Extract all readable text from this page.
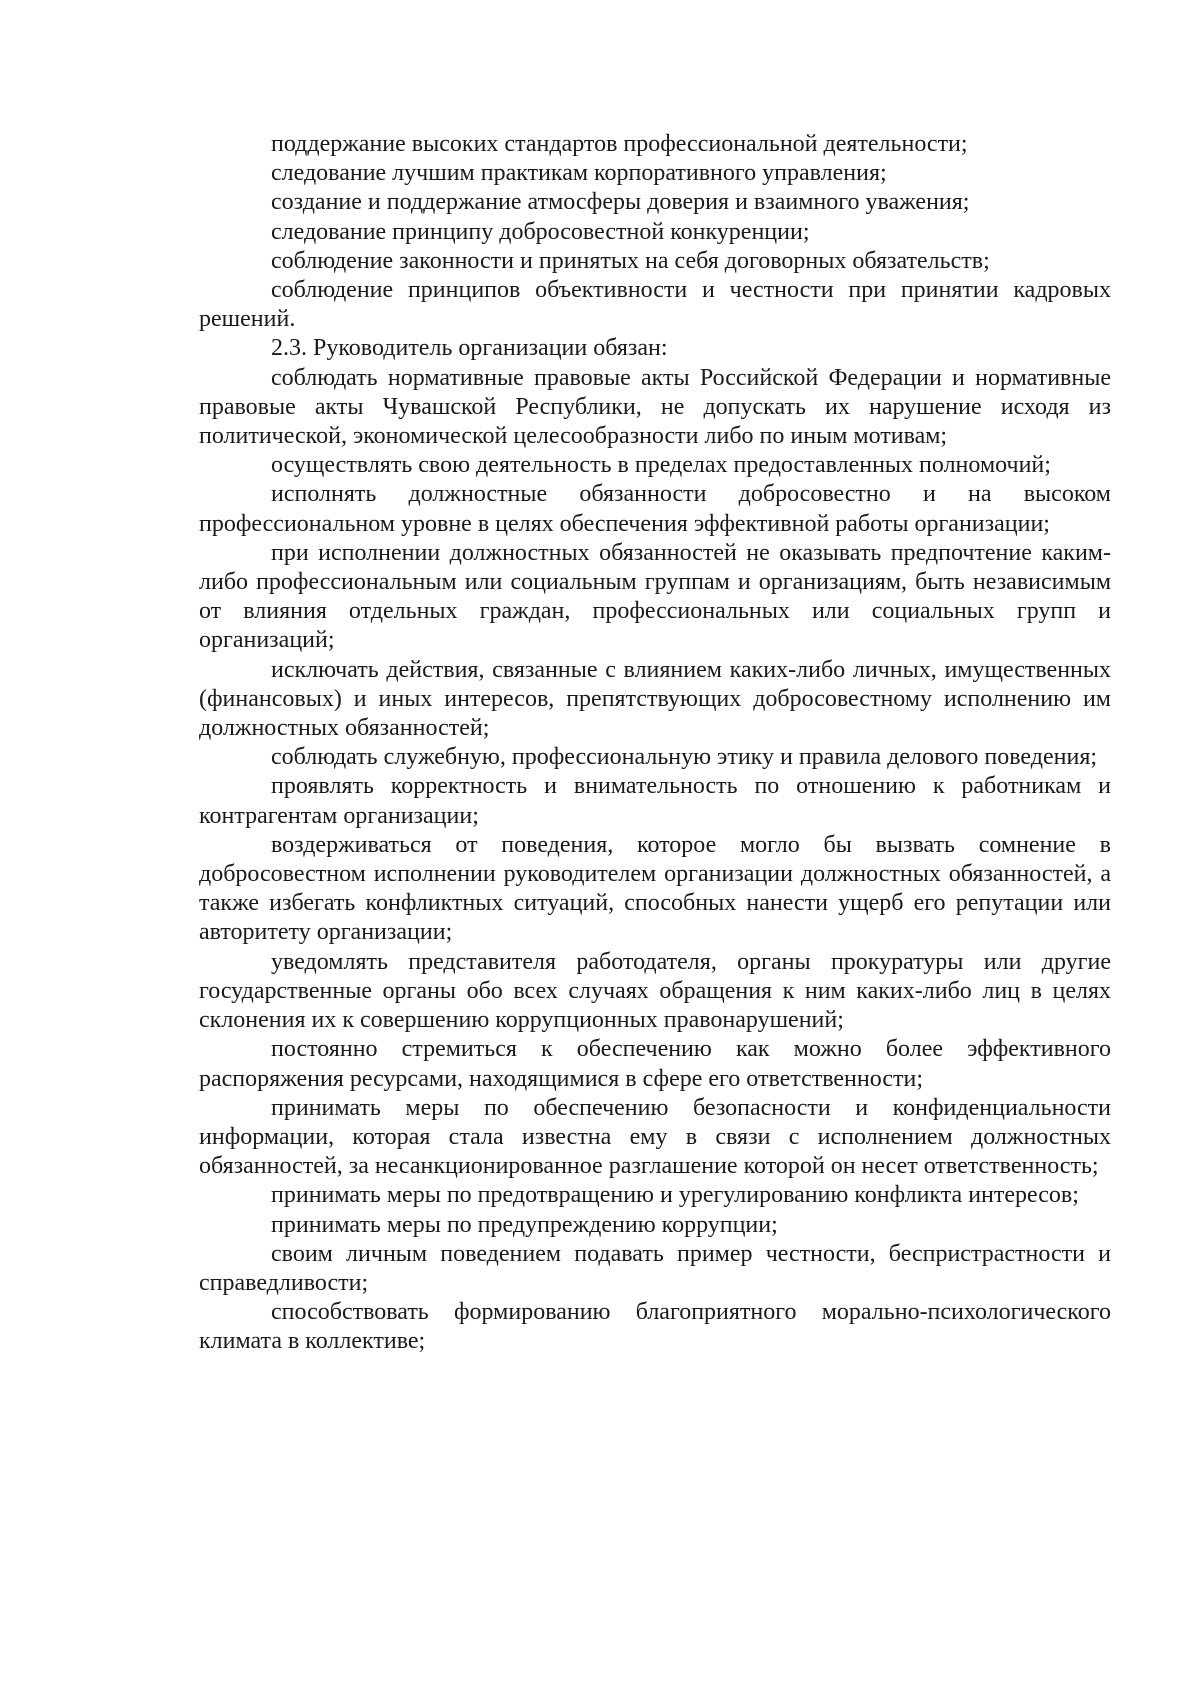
поддержание высоких стандартов профессиональной деятельности;

следование лучшим практикам корпоративного управления;

создание и поддержание атмосферы доверия и взаимного уважения;

следование принципу добросовестной конкуренции;

соблюдение законности и принятых на себя договорных обязательств;

соблюдение принципов объективности и честности при принятии кадровых решений.

2.3. Руководитель организации обязан:

соблюдать нормативные правовые акты Российской Федерации и нормативные правовые акты Чувашской Республики, не допускать их нарушение исходя из политической, экономической целесообразности либо по иным мотивам;

осуществлять свою деятельность в пределах предоставленных полномочий;

исполнять должностные обязанности добросовестно и на высоком профессиональном уровне в целях обеспечения эффективной работы организации;

при исполнении должностных обязанностей не оказывать предпочтение каким-либо профессиональным или социальным группам и организациям, быть независимым от влияния отдельных граждан, профессиональных или социальных групп и организаций;

исключать действия, связанные с влиянием каких-либо личных, имущественных (финансовых) и иных интересов, препятствующих добросовестному исполнению им должностных обязанностей;

соблюдать служебную, профессиональную этику и правила делового поведения;

проявлять корректность и внимательность по отношению к работникам и контрагентам организации;

воздерживаться от поведения, которое могло бы вызвать сомнение в добросовестном исполнении руководителем организации должностных обязанностей, а также избегать конфликтных ситуаций, способных нанести ущерб его репутации или авторитету организации;

уведомлять представителя работодателя, органы прокуратуры или другие государственные органы обо всех случаях обращения к ним каких-либо лиц в целях склонения их к совершению коррупционных правонарушений;

постоянно стремиться к обеспечению как можно более эффективного распоряжения ресурсами, находящимися в сфере его ответственности;

принимать меры по обеспечению безопасности и конфиденциальности информации, которая стала известна ему в связи с исполнением должностных обязанностей, за несанкционированное разглашение которой он несет ответственность;

принимать меры по предотвращению и урегулированию конфликта интересов;

принимать меры по предупреждению коррупции;

своим личным поведением подавать пример честности, беспристрастности и справедливости;

способствовать формированию благоприятного морально-психологического климата в коллективе;
